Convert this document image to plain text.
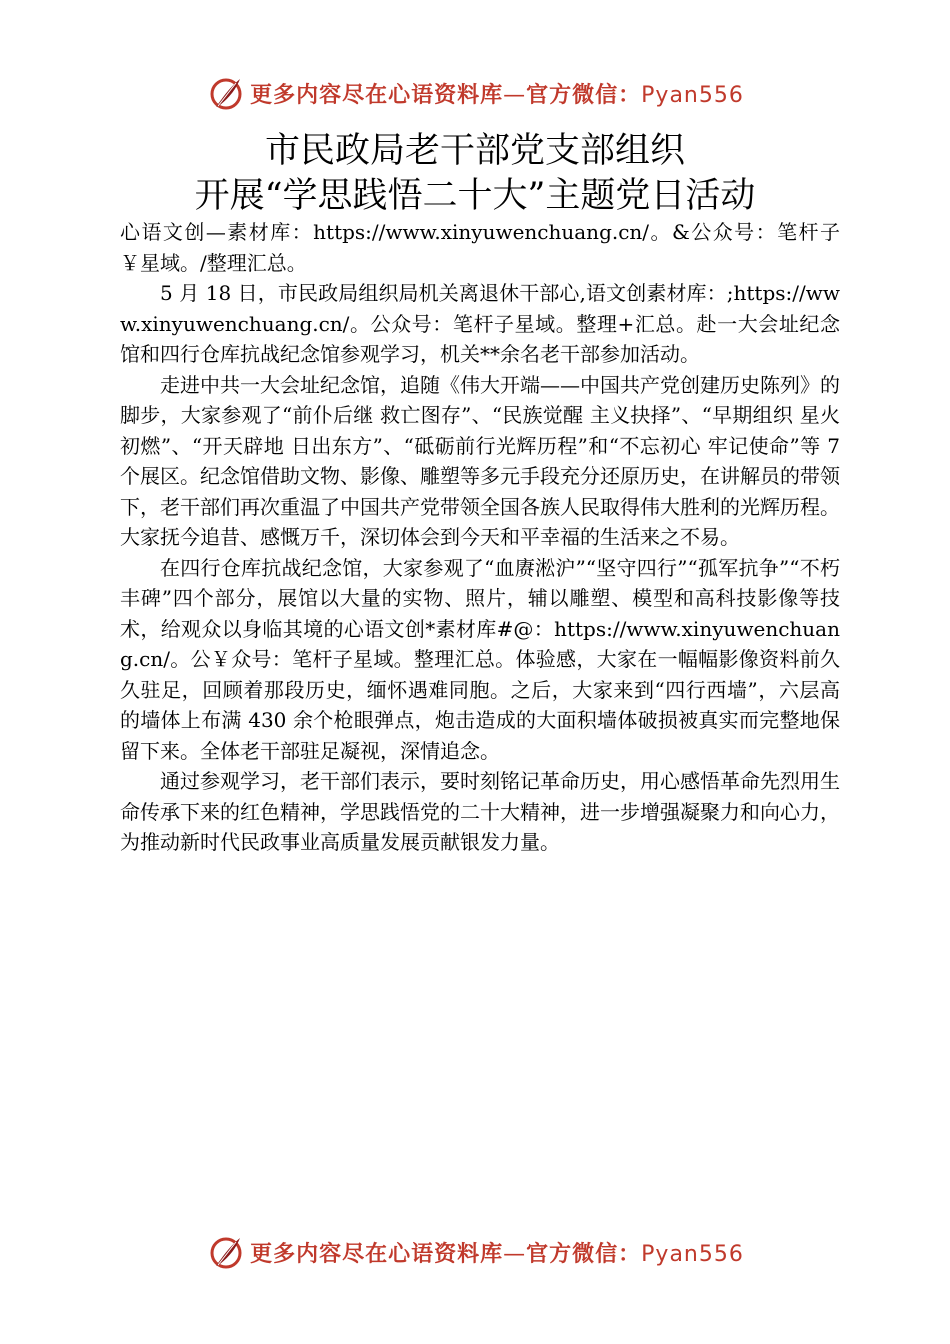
更多内容尽在心语资料库—官方微信：Pyan556
市民政局老干部党支部组织
开展“学思践悟二十大”主题党日活动

心语文创—素材库：https://www.xinyuwenchuang.cn/。&公众号：笔杆子￥星域。/整理汇总。

5 月 18 日，市民政局组织局机关离退休干部心,语文创素材库：;https://www.xinyuwenchuang.cn/。公众号：笔杆子星域。整理+汇总。赴一大会址纪念馆和四行仓库抗战纪念馆参观学习，机关**余名老干部参加活动。

走进中共一大会址纪念馆，追随《伟大开端——中国共产党创建历史陈列》的脚步，大家参观了“前仆后继 救亡图存”、“民族觉醒 主义抉择”、“早期组织 星火初燃”、“开天辟地 日出东方”、“砥砺前行光辉历程”和“不忘初心 牢记使命”等 7 个展区。纪念馆借助文物、影像、雕塑等多元手段充分还原历史，在讲解员的带领下，老干部们再次重温了中国共产党带领全国各族人民取得伟大胜利的光辉历程。大家抚今追昔、感慨万千，深切体会到今天和平幸福的生活来之不易。

在四行仓库抗战纪念馆，大家参观了“血赓淞沪”“坚守四行”“孤军抗争”“不朽丰碑”四个部分，展馆以大量的实物、照片，辅以雕塑、模型和高科技影像等技术，给观众以身临其境的心语文创*素材库#@：https://www.xinyuwenchuang.cn/。公￥众号：笔杆子星域。整理汇总。体验感，大家在一幅幅影像资料前久久驻足，回顾着那段历史，缅怀遇难同胞。之后，大家来到“四行西墙”，六层高的墙体上布满 430 余个枪眼弹点，炮击造成的大面积墙体破损被真实而完整地保留下来。全体老干部驻足凝视，深情追念。

通过参观学习，老干部们表示，要时刻铭记革命历史，用心感悟革命先烈用生命传承下来的红色精神，学思践悟党的二十大精神，进一步增强凝聚力和向心力，为推动新时代民政事业高质量发展贡献银发力量。

更多内容尽在心语资料库—官方微信：Pyan556
